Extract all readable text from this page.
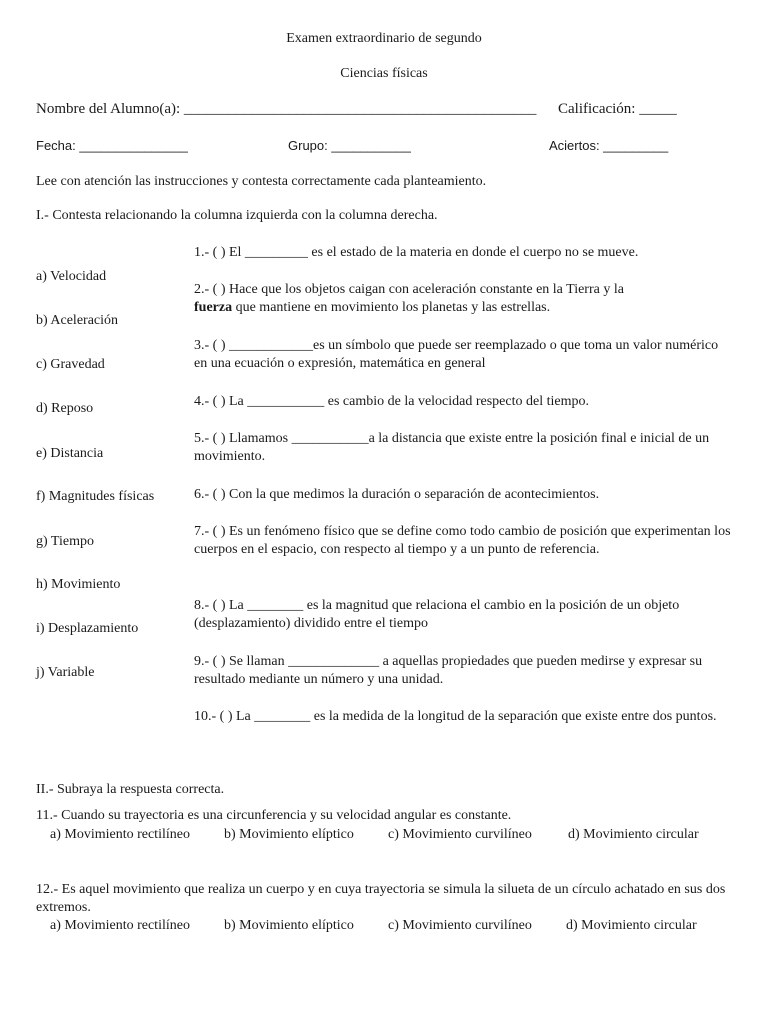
Examen extraordinario de segundo
Ciencias físicas
Nombre del Alumno(a): _______________________________________________ Calificación: _____
Fecha: _______________	Grupo: ___________	Aciertos: _________
Lee con atención las instrucciones y contesta correctamente cada planteamiento.
I.- Contesta relacionando la columna izquierda con la columna derecha.
a) Velocidad
b) Aceleración
c) Gravedad
d) Reposo
e) Distancia
f) Magnitudes físicas
g) Tiempo
h) Movimiento
i) Desplazamiento
j) Variable
1.- ( ) El _________ es el estado de la materia en donde el cuerpo no se mueve.
2.- ( ) Hace que los objetos caigan con aceleración constante en la Tierra y la
fuerza que mantiene en movimiento los planetas y las estrellas.
3.- ( ) ____________es un símbolo que puede ser reemplazado o que toma un valor numérico en una ecuación o expresión, matemática en general
4.- ( ) La ___________ es cambio de la velocidad respecto del tiempo.
5.- ( ) Llamamos ___________a la distancia que existe entre la posición final e inicial de un movimiento.
6.- ( ) Con la que medimos la duración o separación de acontecimientos.
7.- ( ) Es un fenómeno físico que se define como todo cambio de posición que experimentan los cuerpos en el espacio, con respecto al tiempo y a un punto de referencia.
8.- ( ) La ________ es la magnitud que relaciona el cambio en la posición de un objeto (desplazamiento) dividido entre el tiempo
9.- ( ) Se llaman _____________ a aquellas propiedades que pueden medirse y expresar su resultado mediante un número y una unidad.
10.- ( ) La ________ es la medida de la longitud de la separación que existe entre dos puntos.
II.- Subraya la respuesta correcta.
11.- Cuando su trayectoria es una circunferencia y su velocidad angular es constante.
a) Movimiento rectilíneo b) Movimiento elíptico c) Movimiento curvilíneo	d) Movimiento circular
12.- Es aquel movimiento que realiza un cuerpo y en cuya trayectoria se simula la silueta de un círculo achatado en sus dos extremos.
a) Movimiento rectilíneo b) Movimiento elíptico c) Movimiento curvilíneo d) Movimiento circular
